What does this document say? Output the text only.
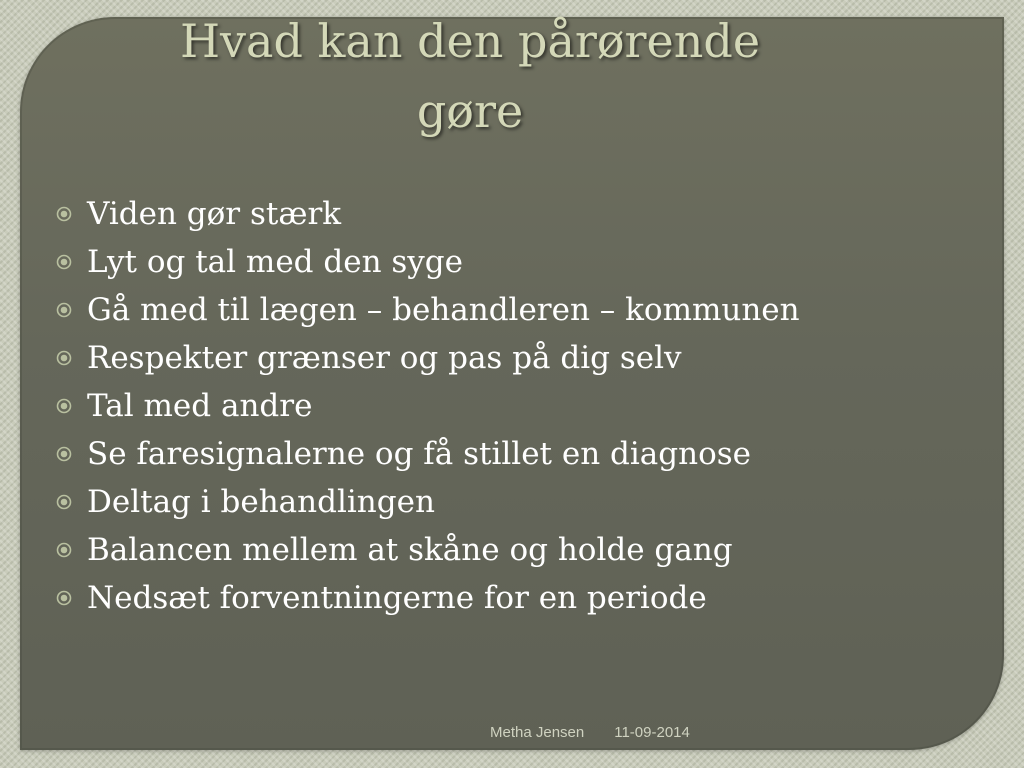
Hvad kan den pårørende
gøre
Viden gør stærk
Lyt og tal med den syge
Gå med til lægen – behandleren – kommunen
Respekter grænser og pas på dig selv
Tal med andre
Se faresignalerne og få stillet en diagnose
Deltag i behandlingen
Balancen mellem at skåne og holde gang
Nedsæt forventningerne for en periode
Metha Jensen 11-09-2014
